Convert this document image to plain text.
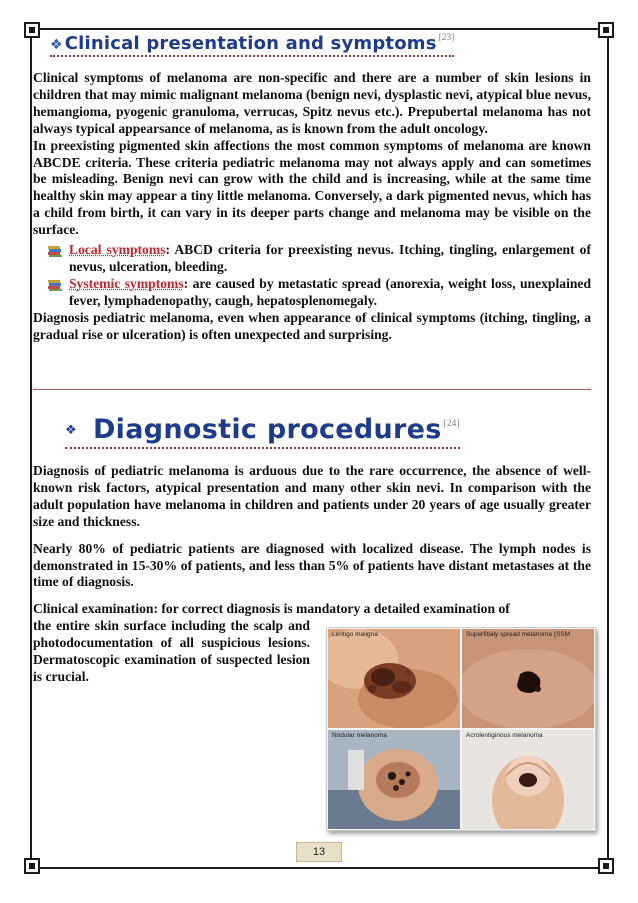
❖ Clinical presentation and symptoms [23]

Clinical symptoms of melanoma are non-specific and there are a number of skin lesions in children that may mimic malignant melanoma (benign nevi, dysplastic nevi, atypical blue nevus, hemangioma, pyogenic granuloma, verrucas, Spitz nevus etc.). Prepubertal melanoma has not always typical appearsance of melanoma, as is known from the adult oncology.

In preexisting pigmented skin affections the most common symptoms of melanoma are known ABCDE criteria. These criteria pediatric melanoma may not always apply and can sometimes be misleading. Benign nevi can grow with the child and is increasing, while at the same time healthy skin may appear a tiny little melanoma. Conversely, a dark pigmented nevus, which has a child from birth, it can vary in its deeper parts change and melanoma may be visible on the surface.

Local symptoms: ABCD criteria for preexisting nevus. Itching, tingling, enlargement of nevus, ulceration, bleeding.

Systemic symptoms: are caused by metastatic spread (anorexia, weight loss, unexplained fever, lymphadenopathy, caugh, hepatosplenomegaly.

Diagnosis pediatric melanoma, even when appearance of clinical symptoms (itching, tingling, a gradual rise or ulceration) is often unexpected and surprising.

❖ Diagnostic procedures [24]

Diagnosis of pediatric melanoma is arduous due to the rare occurrence, the absence of well-known risk factors, atypical presentation and many other skin nevi. In comparison with the adult population have melanoma in children and patients under 20 years of age usually greater size and thickness.

Nearly 80% of pediatric patients are diagnosed with localized disease. The lymph nodes is demonstrated in 15-30% of patients, and less than 5% of patients have distant metastases at the time of diagnosis.

Clinical examination: for correct diagnosis is mandatory a detailed examination of

the entire skin surface including the scalp and photodocumentation of all suspicious lesions. Dermatoscopic examination of suspected lesion is crucial.

Lentigo maligna	Superfitialy spread melanoma (SSM
Nodular melanoma	Acrolentiginous melanoma
13
